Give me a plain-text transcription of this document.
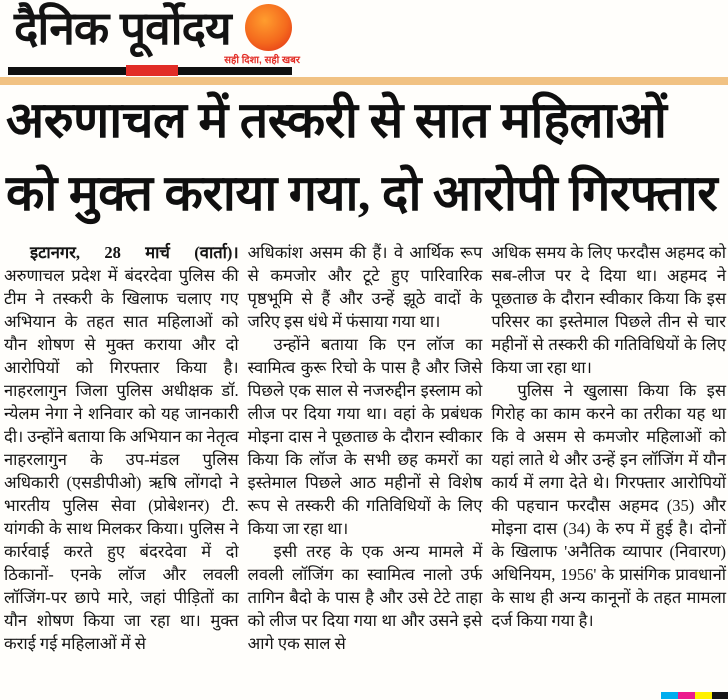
दैनिक पूर्वोदय
सही दिशा, सही खबर
अरुणाचल में तस्करी से सात महिलाओं
को मुक्त कराया गया, दो आरोपी गिरफ्तार

इटानगर, 28 मार्च (वार्ता)। अरुणाचल प्रदेश में बंदरदेवा पुलिस की टीम ने तस्करी के खिलाफ चलाए गए अभियान के तहत सात महिलाओं को यौन शोषण से मुक्त कराया और दो आरोपियों को गिरफ्तार किया है। नाहरलागुन जिला पुलिस अधीक्षक डॉ. न्येलम नेगा ने शनिवार को यह जानकारी दी। उन्होंने बताया कि अभियान का नेतृत्व नाहरलागुन के उप-मंडल पुलिस अधिकारी (एसडीपीओ) ऋषि लोंगदो ने भारतीय पुलिस सेवा (प्रोबेशनर) टी. यांगकी के साथ मिलकर किया। पुलिस ने कार्रवाई करते हुए बंदरदेवा में दो ठिकानों- एनके लॉज और लवली लॉजिंग-पर छापे मारे, जहां पीड़ितों का यौन शोषण किया जा रहा था। मुक्त कराई गई महिलाओं में से

अधिकांश असम की हैं। वे आर्थिक रूप से कमजोर और टूटे हुए पारिवारिक पृष्ठभूमि से हैं और उन्हें झूठे वादों के जरिए इस धंधे में फंसाया गया था।

उन्होंने बताया कि एन लॉज का स्वामित्व कुरू रिचो के पास है और जिसे पिछले एक साल से नजरुद्दीन इस्लाम को लीज पर दिया गया था। वहां के प्रबंधक मोइना दास ने पूछताछ के दौरान स्वीकार किया कि लॉज के सभी छह कमरों का इस्तेमाल पिछले आठ महीनों से विशेष रूप से तस्करी की गतिविधियों के लिए किया जा रहा था।

इसी तरह के एक अन्य मामले में लवली लॉजिंग का स्वामित्व नालो उर्फ तागिन बैदो के पास है और उसे टेटे ताहा को लीज पर दिया गया था और उसने इसे आगे एक साल से

अधिक समय के लिए फरदौस अहमद को सब-लीज पर दे दिया था। अहमद ने पूछताछ के दौरान स्वीकार किया कि इस परिसर का इस्तेमाल पिछले तीन से चार महीनों से तस्करी की गतिविधियों के लिए किया जा रहा था।

पुलिस ने खुलासा किया कि इस गिरोह का काम करने का तरीका यह था कि वे असम से कमजोर महिलाओं को यहां लाते थे और उन्हें इन लॉजिंग में यौन कार्य में लगा देते थे। गिरफ्तार आरोपियों की पहचान फरदौस अहमद (35) और मोइना दास (34) के रुप में हुई है। दोनों के खिलाफ 'अनैतिक व्यापार (निवारण) अधिनियम, 1956' के प्रासंगिक प्रावधानों के साथ ही अन्य कानूनों के तहत मामला दर्ज किया गया है।
